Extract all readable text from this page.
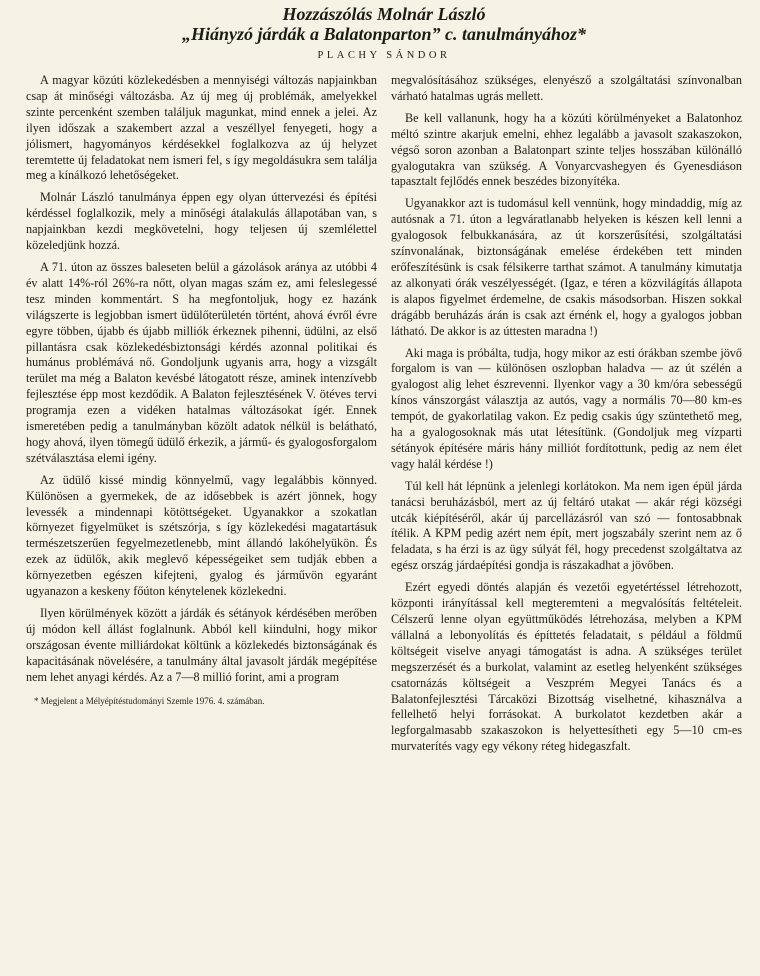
Hozzászólás Molnár László
„Hiányzó járdák a Balatonparton” c. tanulmányához*
PLACHY SÁNDOR

A magyar közúti közlekedésben a mennyiségi változás napjainkban csap át minőségi változásba. Az új meg új problémák, amelyekkel szinte percenként szemben találjuk magunkat, mind ennek a jelei. Az ilyen időszak a szakembert azzal a veszéllyel fenyegeti, hogy a jólismert, hagyományos kérdésekkel foglalkozva az új helyzet teremtette új feladatokat nem ismeri fel, s így megoldásukra sem találja meg a kínálkozó lehetőségeket.

Molnár László tanulmánya éppen egy olyan úttervezési és építési kérdéssel foglalkozik, mely a minőségi átalakulás állapotában van, s napjainkban kezdi megkövetelni, hogy teljesen új szemlélettel közeledjünk hozzá.

A 71. úton az összes baleseten belül a gázolások aránya az utóbbi 4 év alatt 14%-ról 26%-ra nőtt, olyan magas szám ez, ami feleslegessé tesz minden kommentárt. S ha megfontoljuk, hogy ez hazánk világszerte is legjobban ismert üdülőterületén történt, ahová évről évre egyre többen, újabb és újabb milliók érkeznek pihenni, üdülni, az első pillantásra csak közlekedésbiztonsági kérdés azonnal politikai és humánus problémává nő. Gondoljunk ugyanis arra, hogy a vizsgált terület ma még a Balaton kevésbé látogatott része, aminek intenzívebb fejlesztése épp most kezdődik. A Balaton fejlesztésének V. ötéves tervi programja ezen a vidéken hatalmas változásokat ígér. Ennek ismeretében pedig a tanulmányban közölt adatok nélkül is belátható, hogy ahová, ilyen tömegű üdülő érkezik, a jármű- és gyalogosforgalom szétválasztása elemi igény.

Az üdülő kissé mindig könnyelmű, vagy legalábbis könnyed. Különösen a gyermekek, de az idősebbek is azért jönnek, hogy levessék a mindennapi kötöttségeket. Ugyanakkor a szokatlan környezet figyelmüket is szétszórja, s így közlekedési magatartásuk természetszerűen fegyelmezetlenebb, mint állandó lakóhelyükön. És ezek az üdülők, akik meglevő képességeiket sem tudják ebben a környezetben egészen kifejteni, gyalog és járművön egyaránt ugyanazon a keskeny főúton kénytelenek közlekedni.

Ilyen körülmények között a járdák és sétányok kérdésében merőben új módon kell állást foglalnunk. Abból kell kiindulni, hogy mikor országosan évente milliárdokat költünk a közlekedés biztonságának és kapacitásának növelésére, a tanulmány által javasolt járdák megépítése nem lehet anyagi kérdés. Az a 7—8 millió forint, ami a program

* Megjelent a Mélyépítéstudományi Szemle 1976. 4. számában.

megvalósításához szükséges, elenyésző a szolgáltatási színvonalban várható hatalmas ugrás mellett.

Be kell vallanunk, hogy ha a közúti körülményeket a Balatonhoz méltó szintre akarjuk emelni, ehhez legalább a javasolt szakaszokon, végső soron azonban a Balatonpart szinte teljes hosszában különálló gyalogutakra van szükség. A Vonyarcvashegyen és Gyenesdiáson tapasztalt fejlődés ennek beszédes bizonyítéka.

Ugyanakkor azt is tudomásul kell vennünk, hogy mindaddig, míg az autósnak a 71. úton a legváratlanabb helyeken is készen kell lenni a gyalogosok felbukkanására, az út korszerűsítési, szolgáltatási színvonalának, biztonságának emelése érdekében tett minden erőfeszítésünk is csak félsikerre tarthat számot. A tanulmány kimutatja az alkonyati órák veszélyességét. (Igaz, e téren a közvilágítás állapota is alapos figyelmet érdemelne, de csakis másodsorban. Hiszen sokkal drágább beruházás árán is csak azt érnénk el, hogy a gyalogos jobban látható. De akkor is az úttesten maradna !)

Aki maga is próbálta, tudja, hogy mikor az esti órákban szembe jövő forgalom is van — különösen oszlopban haladva — az út szélén a gyalogost alig lehet észrevenni. Ilyenkor vagy a 30 km/óra sebességű kínos vánszorgást választja az autós, vagy a normális 70—80 km-es tempót, de gyakorlatilag vakon. Ez pedig csakis úgy szüntethető meg, ha a gyalogosoknak más utat létesítünk. (Gondoljuk meg vízparti sétányok építésére máris hány milliót fordítottunk, pedig az nem élet vagy halál kérdése !)

Túl kell hát lépnünk a jelenlegi korlátokon. Ma nem igen épül járda tanácsi beruházásból, mert az új feltáró utakat — akár régi községi utcák kiépítéséről, akár új parcellázásról van szó — fontosabbnak ítélik. A KPM pedig azért nem épít, mert jogszabály szerint nem az ő feladata, s ha érzi is az ügy súlyát fél, hogy precedenst szolgáltatva az egész ország járdaépítési gondja is rászakadhat a jövőben.

Ezért egyedi döntés alapján és vezetői egyetértéssel létrehozott, központi irányítással kell megteremteni a megvalósítás feltételeit. Célszerű lenne olyan együttműködés létrehozása, melyben a KPM vállalná a lebonyolítás és építtetés feladatait, s például a földmű költségeit viselve anyagi támogatást is adna. A szükséges terület megszerzését és a burkolat, valamint az esetleg helyenként szükséges csatornázás költségeit a Veszprém Megyei Tanács és a Balatonfejlesztési Tárcaközi Bizottság viselhetné, kihasználva a fellelhető helyi forrásokat. A burkolatot kezdetben akár a legforgalmasabb szakaszokon is helyettesítheti egy 5—10 cm-es murvaterítés vagy egy vékony réteg hidegaszfalt.
